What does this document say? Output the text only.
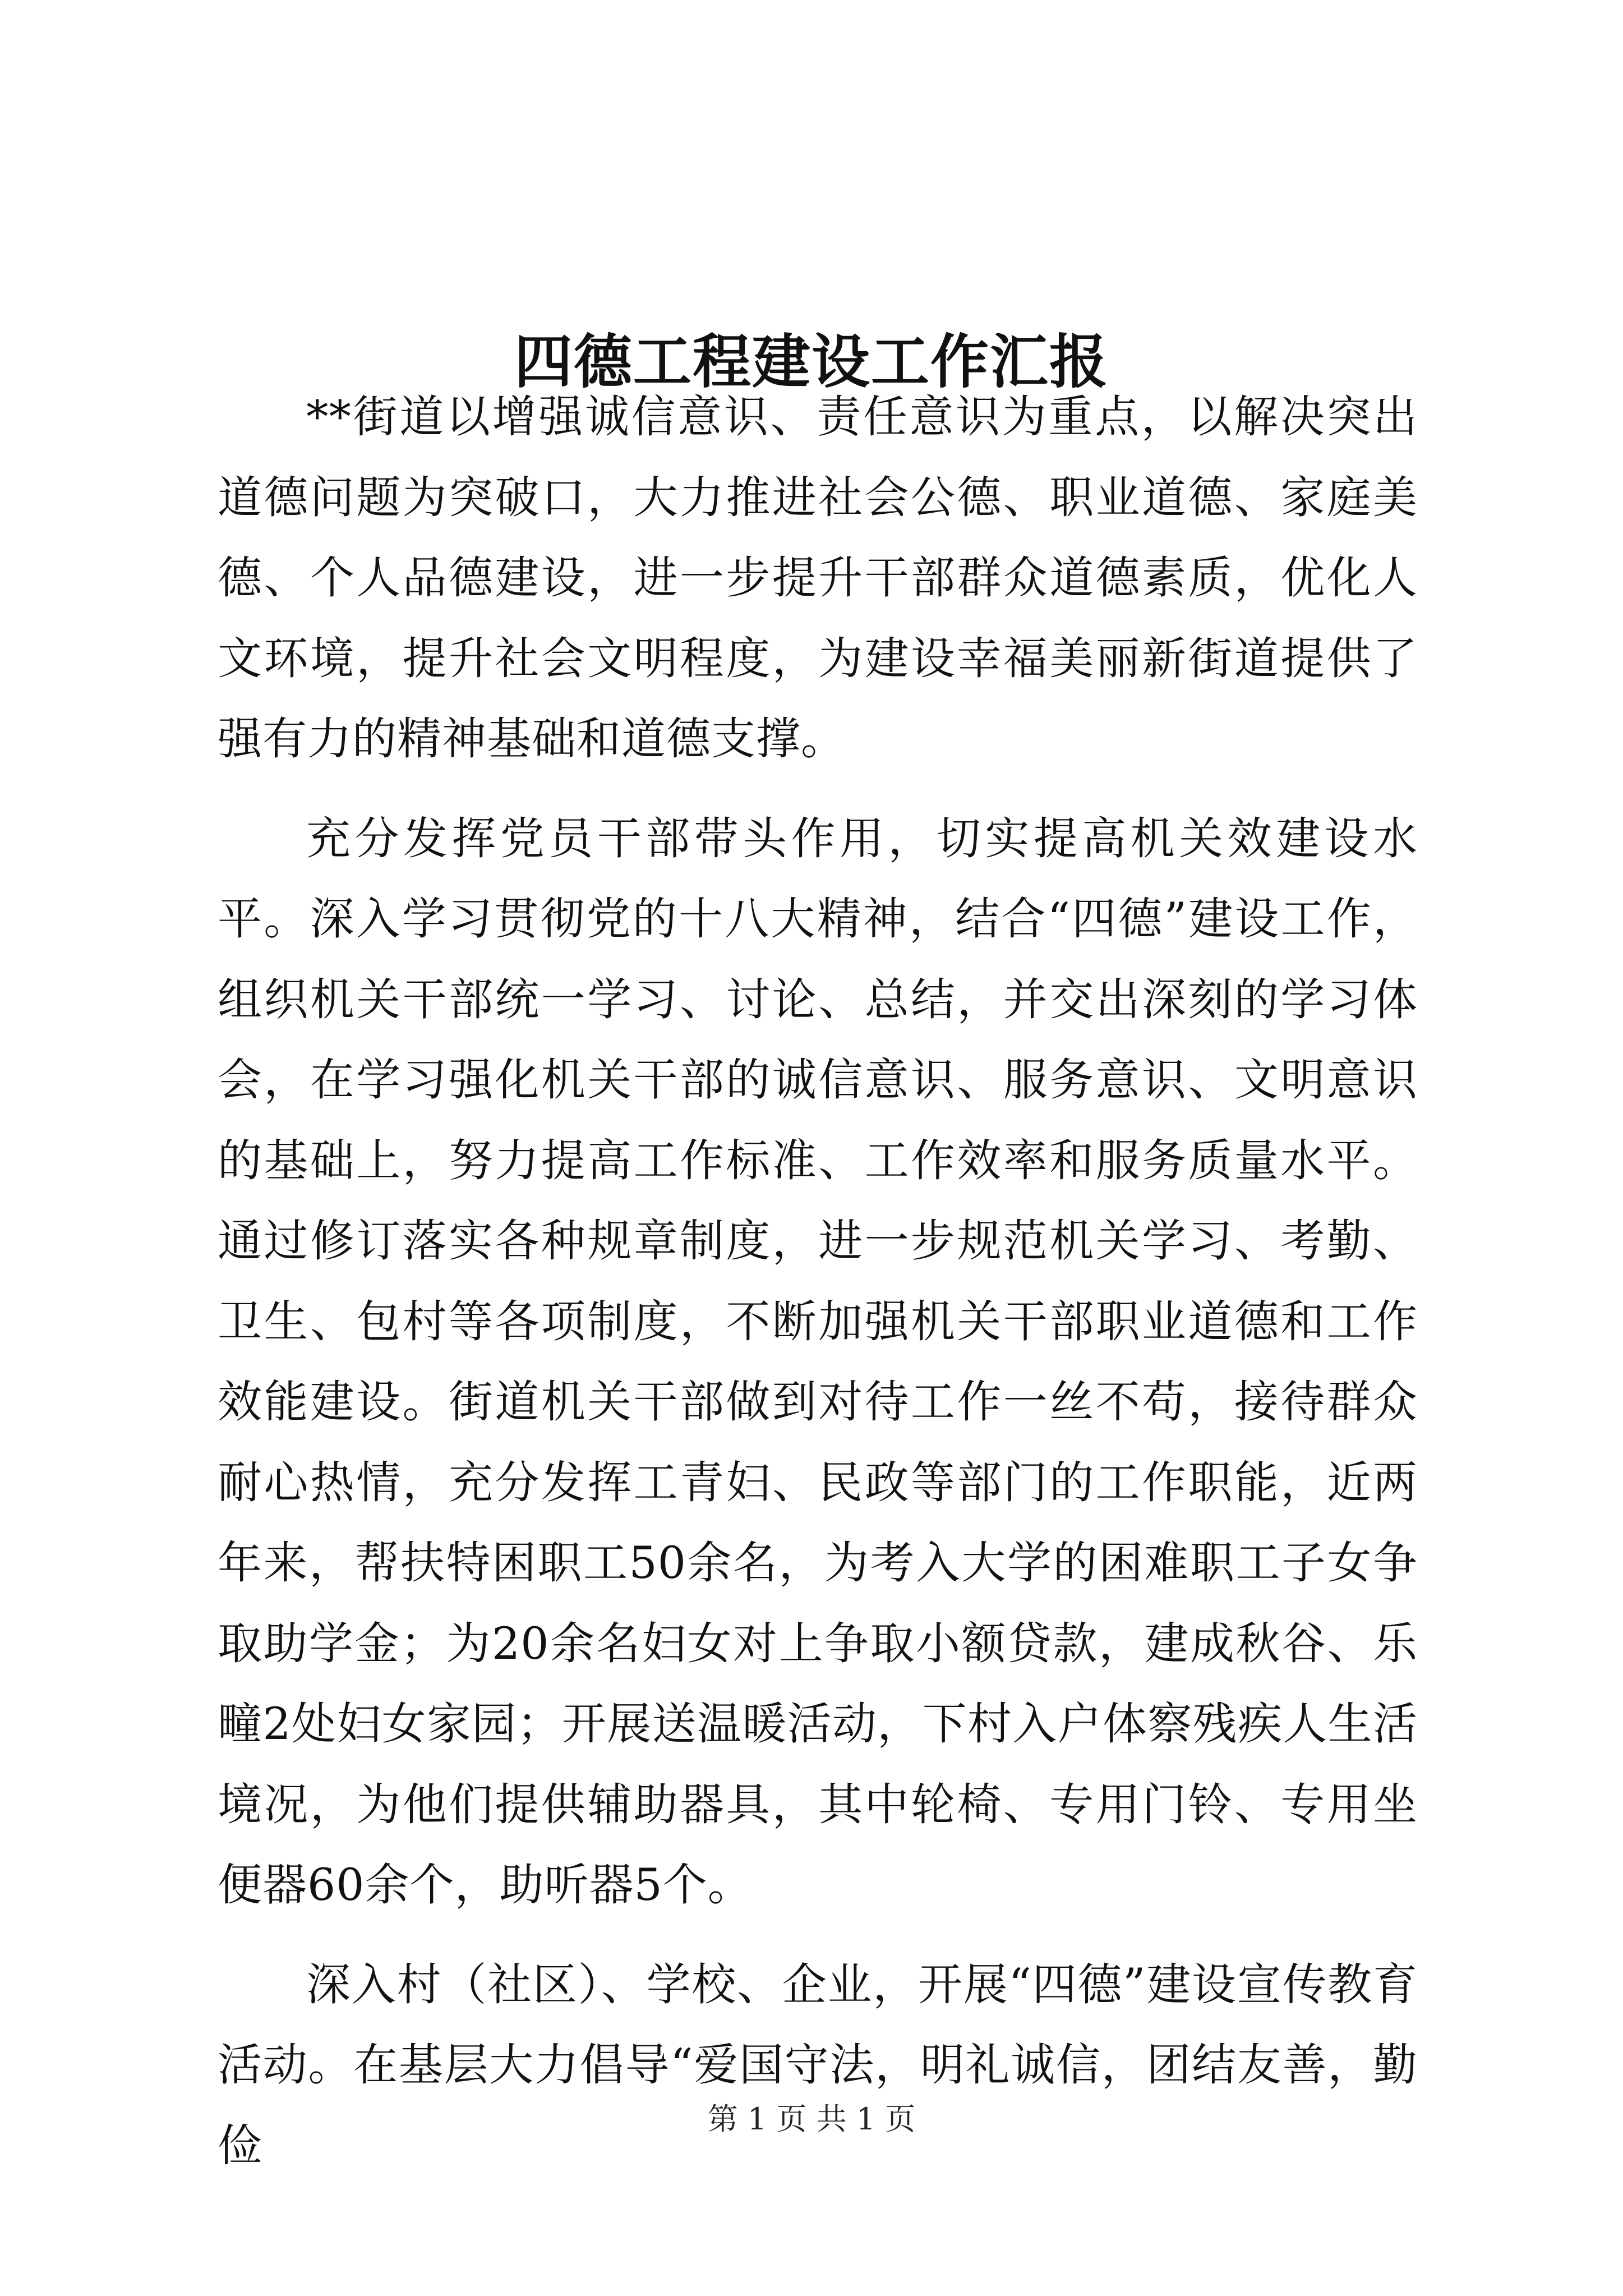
四德工程建设工作汇报

**街道以增强诚信意识、责任意识为重点，以解决突出道德问题为突破口，大力推进社会公德、职业道德、家庭美德、个人品德建设，进一步提升干部群众道德素质，优化人文环境，提升社会文明程度，为建设幸福美丽新街道提供了强有力的精神基础和道德支撑。

充分发挥党员干部带头作用，切实提高机关效建设水平。深入学习贯彻党的十八大精神，结合“四德”建设工作，组织机关干部统一学习、讨论、总结，并交出深刻的学习体会，在学习强化机关干部的诚信意识、服务意识、文明意识的基础上，努力提高工作标准、工作效率和服务质量水平。通过修订落实各种规章制度，进一步规范机关学习、考勤、卫生、包村等各项制度，不断加强机关干部职业道德和工作效能建设。街道机关干部做到对待工作一丝不苟，接待群众耐心热情，充分发挥工青妇、民政等部门的工作职能，近两年来，帮扶特困职工50余名，为考入大学的困难职工子女争取助学金；为20余名妇女对上争取小额贷款，建成秋谷、乐疃2处妇女家园；开展送温暖活动，下村入户体察残疾人生活境况，为他们提供辅助器具，其中轮椅、专用门铃、专用坐便器60余个，助听器5个。

深入村（社区）、学校、企业，开展“四德”建设宣传教育活动。在基层大力倡导“爱国守法，明礼诚信，团结友善，勤俭

第 1 页 共 1 页
